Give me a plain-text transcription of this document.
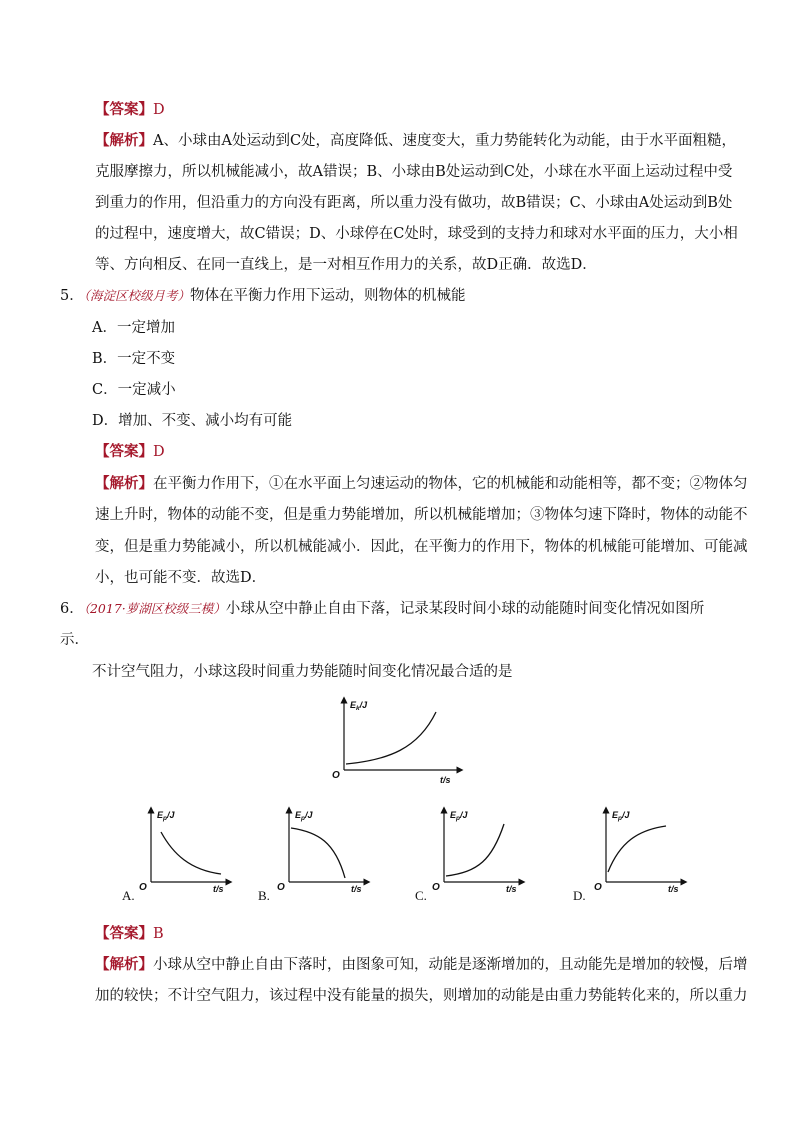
【答案】D
【解析】A、小球由A处运动到C处，高度降低、速度变大，重力势能转化为动能，由于水平面粗糙，
克服摩擦力，所以机械能减小，故A错误；B、小球由B处运动到C处，小球在水平面上运动过程中受
到重力的作用，但沿重力的方向没有距离，所以重力没有做功，故B错误；C、小球由A处运动到B处
的过程中，速度增大，故C错误；D、小球停在C处时，球受到的支持力和球对水平面的压力，大小相
等、方向相反、在同一直线上，是一对相互作用力的关系，故D正确．故选D．
5．（海淀区校级月考）物体在平衡力作用下运动，则物体的机械能
A．一定增加
B．一定不变
C．一定减小
D．增加、不变、减小均有可能
【答案】D
【解析】在平衡力作用下，①在水平面上匀速运动的物体，它的机械能和动能相等，都不变；②物体匀
速上升时，物体的动能不变，但是重力势能增加，所以机械能增加；③物体匀速下降时，物体的动能不
变，但是重力势能减小，所以机械能减小．因此，在平衡力的作用下，物体的机械能可能增加、可能减
小，也可能不变．故选D．
6．（2017·萝湖区校级三模）小球从空中静止自由下落，记录某段时间小球的动能随时间变化情况如图所
示．
不计空气阻力，小球这段时间重力势能随时间变化情况最合适的是
$E_k/J$
O	t/s
$E_p/J$
O	t/s
A.
$E_p/J$
O	t/s
B.
$E_p/J$
O	t/s
C.
$E_p/J$
O	t/s
D.
【答案】B
【解析】小球从空中静止自由下落时，由图象可知，动能是逐渐增加的，且动能先是增加的较慢，后增
加的较快；不计空气阻力，该过程中没有能量的损失，则增加的动能是由重力势能转化来的，所以重力
